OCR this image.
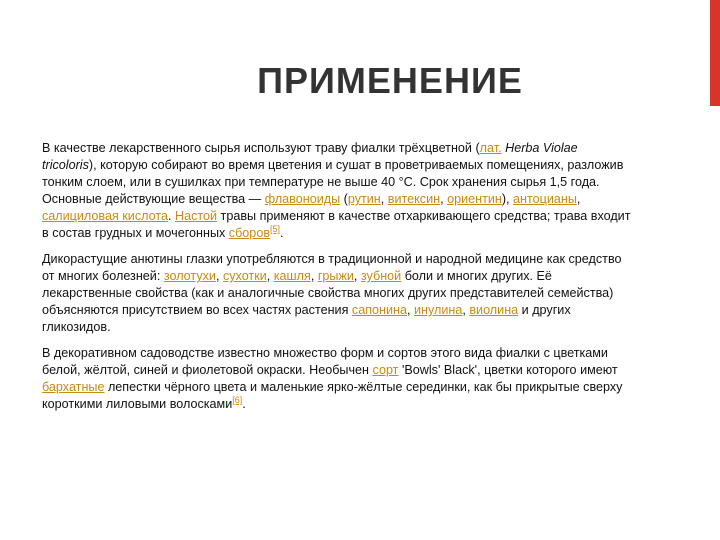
ПРИМЕНЕНИЕ

В качестве лекарственного сырья используют траву фиалки трёхцветной (лат. Herba Violae tricoloris), которую собирают во время цветения и сушат в проветриваемых помещениях, разложив тонким слоем, или в сушилках при температуре не выше 40 °С. Срок хранения сырья 1,5 года. Основные действующие вещества — флавоноиды (рутин, витексин, ориентин), антоцианы, салициловая кислота. Настой травы применяют в качестве отхаркивающего средства; трава входит в состав грудных и мочегонных сборов[5].

Дикорастущие анютины глазки употребляются в традиционной и народной медицине как средство от многих болезней: золотухи, сухотки, кашля, грыжи, зубной боли и многих других. Её лекарственные свойства (как и аналогичные свойства многих других представителей семейства) объясняются присутствием во всех частях растения сапонина, инулина, виолина и других гликозидов.

В декоративном садоводстве известно множество форм и сортов этого вида фиалки с цветками белой, жёлтой, синей и фиолетовой окраски. Необычен сорт 'Bowls' Black', цветки которого имеют бархатные лепестки чёрного цвета и маленькие ярко-жёлтые серединки, как бы прикрытые сверху короткими лиловыми волосками[6].
